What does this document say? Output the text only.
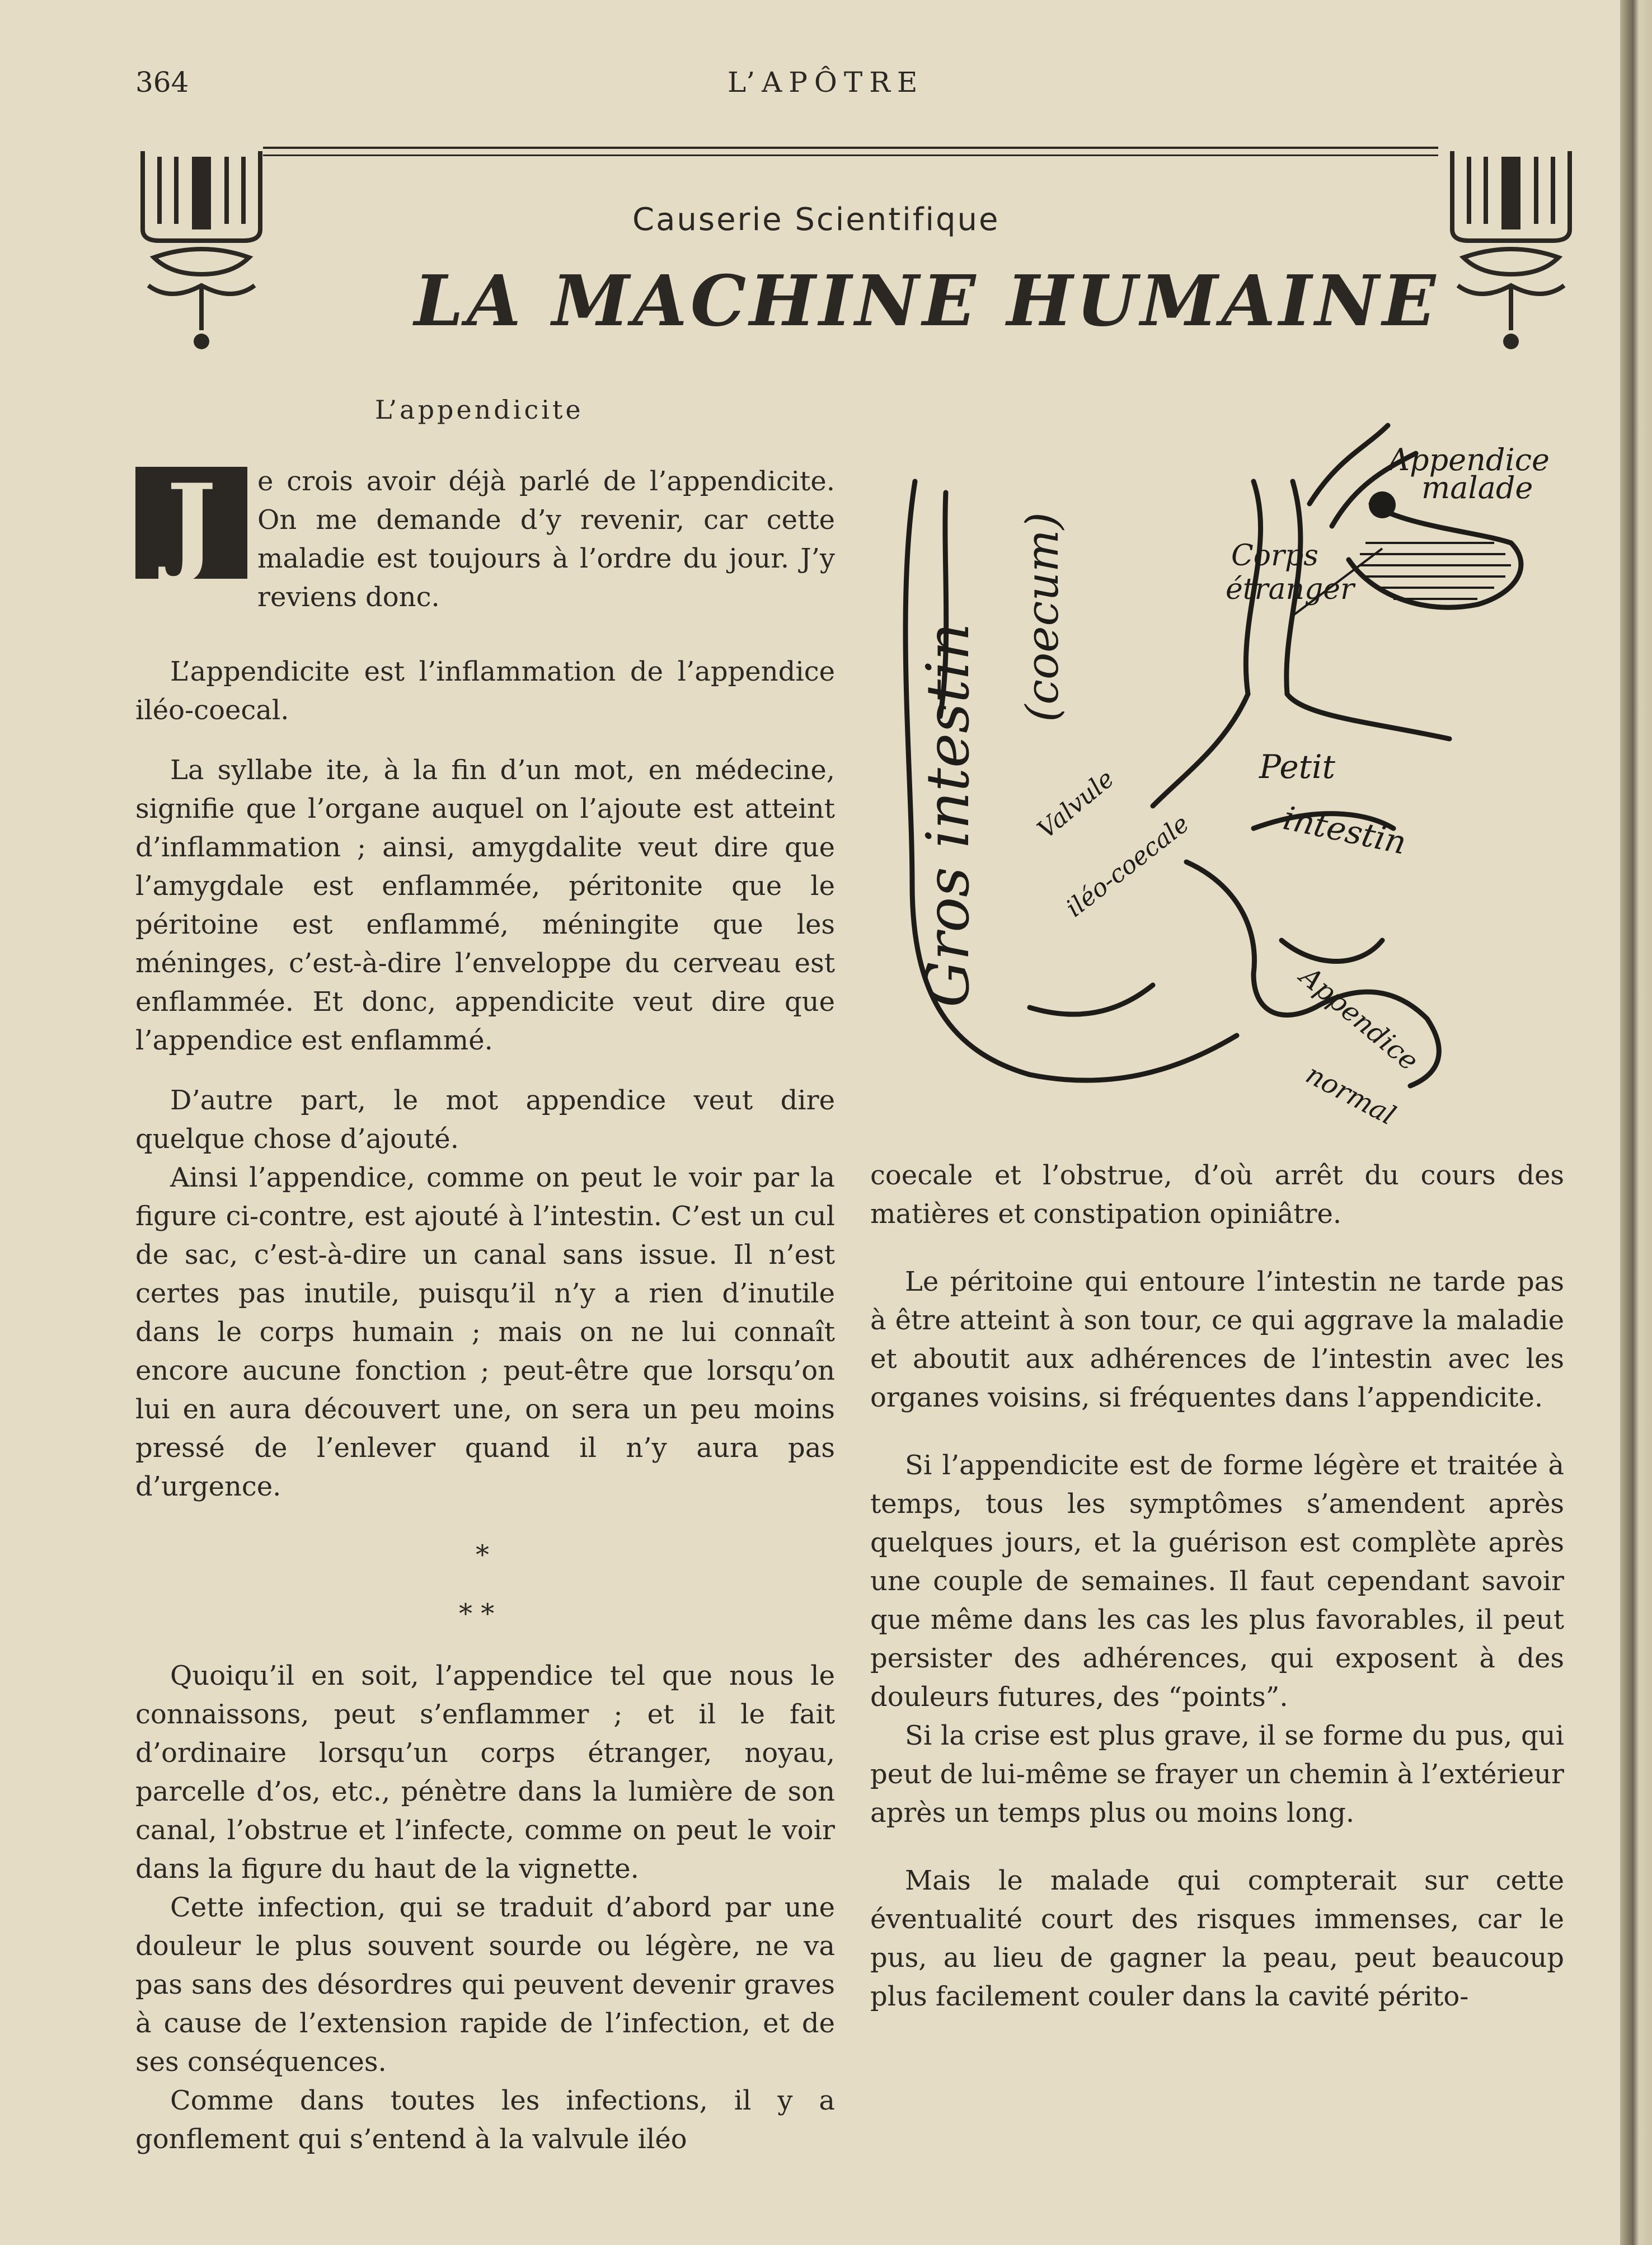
364	L’APÔTRE
Causerie Scientifique
LA MACHINE HUMAINE
L’appendicite

J	e crois avoir déjà parlé de l’appendicite. On me demande d’y revenir, car cette maladie est toujours à l’ordre du jour. J’y reviens donc.

L’appendicite est l’inflammation de l’appendice iléo-coecal.

La syllabe ite, à la fin d’un mot, en médecine, signifie que l’organe auquel on l’ajoute est atteint d’inflammation ; ainsi, amygdalite veut dire que l’amygdale est enflammée, péritonite que le péritoine est enflammé, méningite que les méninges, c’est-à-dire l’enveloppe du cerveau est enflammée. Et donc, appendicite veut dire que l’appendice est enflammé.

D’autre part, le mot appendice veut dire quelque chose d’ajouté.

Ainsi l’appendice, comme on peut le voir par la figure ci-contre, est ajouté à l’intestin. C’est un cul de sac, c’est-à-dire un canal sans issue. Il n’est certes pas inutile, puisqu’il n’y a rien d’inutile dans le corps humain ; mais on ne lui connaît encore aucune fonction ; peut-être que lorsqu’on lui en aura découvert une, on sera un peu moins pressé de l’enlever quand il n’y aura pas d’urgence.

*
* *

Quoiqu’il en soit, l’appendice tel que nous le connaissons, peut s’enflammer ; et il le fait d’ordinaire lorsqu’un corps étranger, noyau, parcelle d’os, etc., pénètre dans la lumière de son canal, l’obstrue et l’infecte, comme on peut le voir dans la figure du haut de la vignette.

Cette infection, qui se traduit d’abord par une douleur le plus souvent sourde ou légère, ne va pas sans des désordres qui peuvent devenir graves à cause de l’extension rapide de l’infection, et de ses conséquences.

Comme dans toutes les infections, il y a gonflement qui s’entend à la valvule iléo

Gros intestin
(coecum)
Appendice
malade
Corps
étranger
Petit
intestin
Valvule
iléo-coecale
Appendice
normal

coecale et l’obstrue, d’où arrêt du cours des matières et constipation opiniâtre.

Le péritoine qui entoure l’intestin ne tarde pas à être atteint à son tour, ce qui aggrave la maladie et aboutit aux adhérences de l’intestin avec les organes voisins, si fréquentes dans l’appendicite.

Si l’appendicite est de forme légère et traitée à temps, tous les symptômes s’amendent après quelques jours, et la guérison est complète après une couple de semaines. Il faut cependant savoir que même dans les cas les plus favorables, il peut persister des adhérences, qui exposent à des douleurs futures, des “points”.

Si la crise est plus grave, il se forme du pus, qui peut de lui-même se frayer un chemin à l’extérieur après un temps plus ou moins long.

Mais le malade qui compterait sur cette éventualité court des risques immenses, car le pus, au lieu de gagner la peau, peut beaucoup plus facilement couler dans la cavité périto-
